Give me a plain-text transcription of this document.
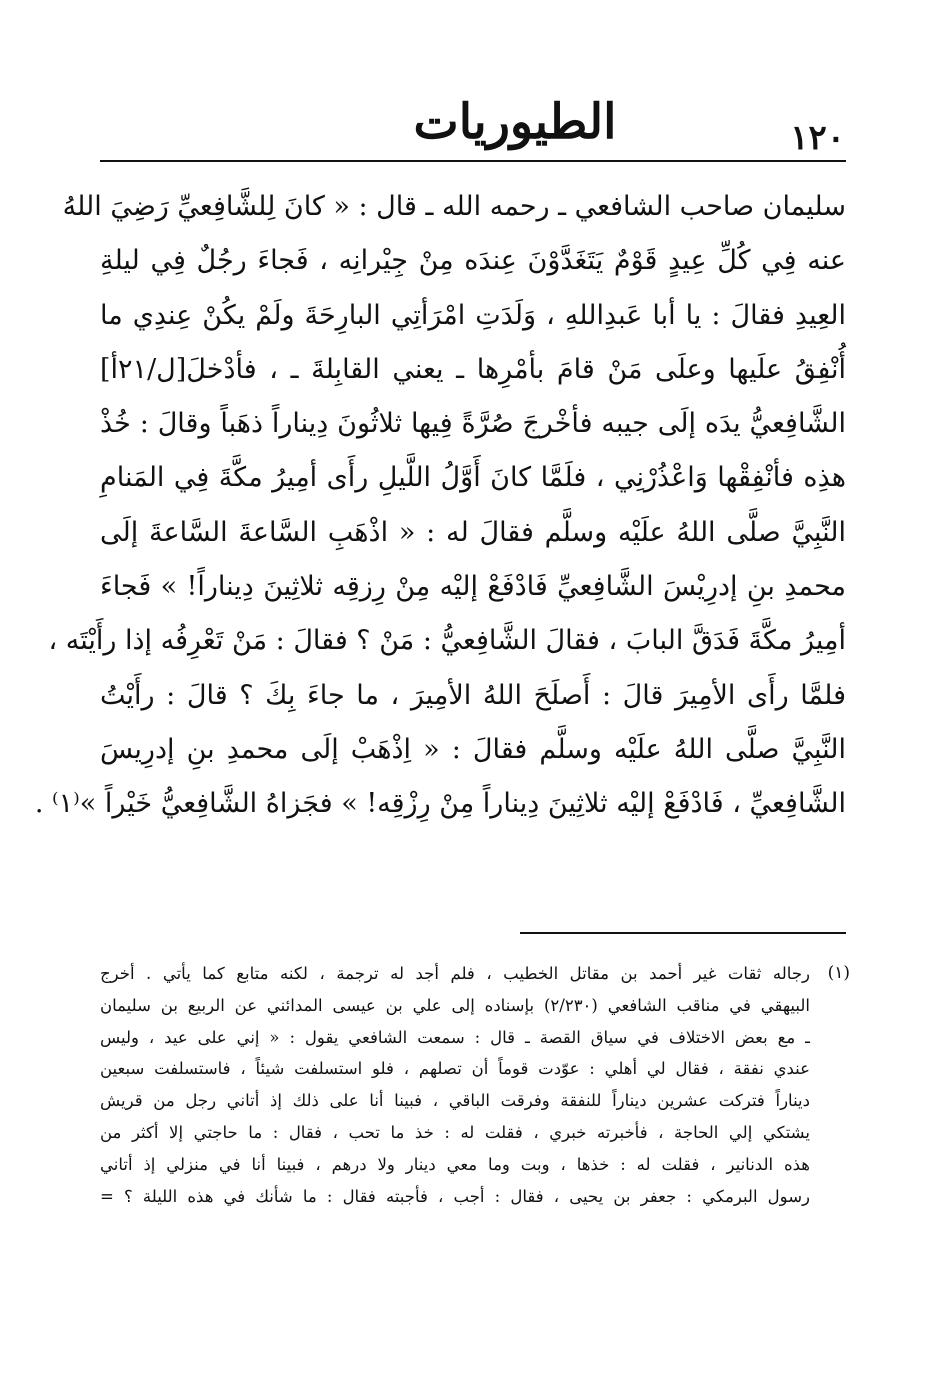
١٢٠
الطيوريات
سليمان صاحب الشافعي ـ رحمه الله ـ قال : « كانَ لِلشَّافِعيِّ رَضِيَ اللهُ
عنه فِي كُلِّ عِيدٍ قَوْمٌ يَتَغَدَّوْنَ عِندَه مِنْ جِيْرانِه ، فَجاءَ رجُلٌ فِي ليلةِ
العِيدِ فقالَ : يا أبا عَبدِاللهِ ، وَلَدَتِ امْرَأتِي البارِحَةَ ولَمْ يكُنْ عِندِي ما
أُنْفِقُ علَيها وعلَى مَنْ قامَ بأمْرِها ـ يعني القابِلةَ ـ ، فأدْخلَ[ل/٢١أ]
الشَّافِعيُّ يدَه إلَى جيبه فأخْرجَ صُرَّةً فِيها ثلاثُونَ دِيناراً ذهَباً وقالَ : خُذْ
هذِه فأنْفِقْها وَاعْذُرْنِي ، فلَمَّا كانَ أَوَّلُ اللَّيلِ رأَى أمِيرُ مكَّةَ فِي المَنامِ
النَّبِيَّ صلَّى اللهُ علَيْه وسلَّم فقالَ له : « اذْهَبِ السَّاعةَ السَّاعةَ إلَى
محمدِ بنِ إدرِيْسَ الشَّافِعيِّ فَادْفَعْ إليْه مِنْ رِزقِه ثلاثِينَ دِيناراً! » فَجاءَ
أمِيرُ مكَّةَ فَدَقَّ البابَ ، فقالَ الشَّافِعيُّ : مَنْ ؟ فقالَ : مَنْ تَعْرِفُه إذا رأَيْتَه ،
فلمَّا رأَى الأمِيرَ قالَ : أَصلَحَ اللهُ الأمِيرَ ، ما جاءَ بِكَ ؟ قالَ : رأَيْتُ
النَّبِيَّ صلَّى اللهُ علَيْه وسلَّم فقالَ : « اِذْهَبْ إلَى محمدِ بنِ إدرِيسَ
الشَّافِعيِّ ، فَادْفَعْ إليْه ثلاثِينَ دِيناراً مِنْ رِزْقِه! » فجَزاهُ الشَّافِعيُّ خَيْراً »⁽١⁾ .
(١)
رجاله ثقات غير أحمد بن مقاتل الخطيب ، فلم أجد له ترجمة ، لكنه متابع كما يأتي . أخرج
البيهقي في مناقب الشافعي (٢/٢٣٠) بإسناده إلى علي بن عيسى المدائني عن الربيع بن سليمان
ـ مع بعض الاختلاف في سياق القصة ـ قال : سمعت الشافعي يقول : « إني على عيد ، وليس
عندي نفقة ، فقال لي أهلي : عوّدت قوماً أن تصلهم ، فلو استسلفت شيئاً ، فاستسلفت سبعين
ديناراً فتركت عشرين ديناراً للنفقة وفرقت الباقي ، فبينا أنا على ذلك إذ أتاني رجل من قريش
يشتكي إلي الحاجة ، فأخبرته خبري ، فقلت له : خذ ما تحب ، فقال : ما حاجتي إلا أكثر من
هذه الدنانير ، فقلت له : خذها ، وبت وما معي دينار ولا درهم ، فبينا أنا في منزلي إذ أتاني
رسول البرمكي : جعفر بن يحيى ، فقال : أجب ، فأجبته فقال : ما شأنك في هذه الليلة ؟ =
